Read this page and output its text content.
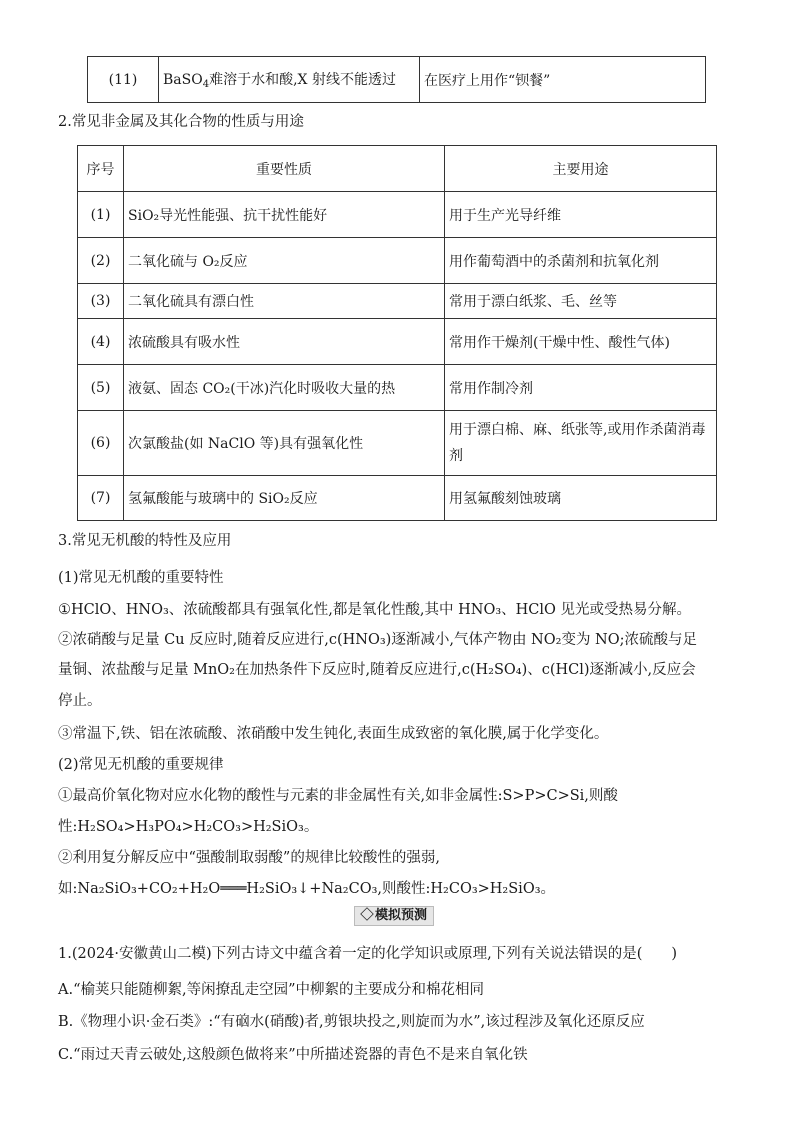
(11)	BaSO$_4$难溶于水和酸,X 射线不能透过	在医疗上用作“钡餐”
2.常见非金属及其化合物的性质与用途
序号	重要性质	主要用途
(1)	SiO₂导光性能强、抗干扰性能好	用于生产光导纤维
(2)	二氧化硫与 O₂反应	用作葡萄酒中的杀菌剂和抗氧化剂
(3)	二氧化硫具有漂白性	常用于漂白纸浆、毛、丝等
(4)	浓硫酸具有吸水性	常用作干燥剂(干燥中性、酸性气体)
(5)	液氨、固态 CO₂(干冰)汽化时吸收大量的热	常用作制冷剂
(6)	次氯酸盐(如 NaClO 等)具有强氧化性	用于漂白棉、麻、纸张等,或用作杀菌消毒剂
(7)	氢氟酸能与玻璃中的 SiO₂反应	用氢氟酸刻蚀玻璃
3.常见无机酸的特性及应用
(1)常见无机酸的重要特性
①HClO、HNO₃、浓硫酸都具有强氧化性,都是氧化性酸,其中 HNO₃、HClO 见光或受热易分解。
②浓硝酸与足量 Cu 反应时,随着反应进行,c(HNO₃)逐渐减小,气体产物由 NO₂变为 NO;浓硫酸与足
量铜、浓盐酸与足量 MnO₂在加热条件下反应时,随着反应进行,c(H₂SO₄)、c(HCl)逐渐减小,反应会
停止。
③常温下,铁、铝在浓硫酸、浓硝酸中发生钝化,表面生成致密的氧化膜,属于化学变化。
(2)常见无机酸的重要规律
①最高价氧化物对应水化物的酸性与元素的非金属性有关,如非金属性:S>P>C>Si,则酸
性:H₂SO₄>H₃PO₄>H₂CO₃>H₂SiO₃。
②利用复分解反应中“强酸制取弱酸”的规律比较酸性的强弱,
如:Na₂SiO₃+CO₂+H₂O═══H₂SiO₃↓+Na₂CO₃,则酸性:H₂CO₃>H₂SiO₃。
模拟预测
1.(2024·安徽黄山二模)下列古诗文中蕴含着一定的化学知识或原理,下列有关说法错误的是(　　)
A.“榆荚只能随柳絮,等闲撩乱走空园”中柳絮的主要成分和棉花相同
B.《物理小识·金石类》:“有硇水(硝酸)者,剪银块投之,则旋而为水”,该过程涉及氧化还原反应
C.“雨过天青云破处,这般颜色做将来”中所描述瓷器的青色不是来自氧化铁
